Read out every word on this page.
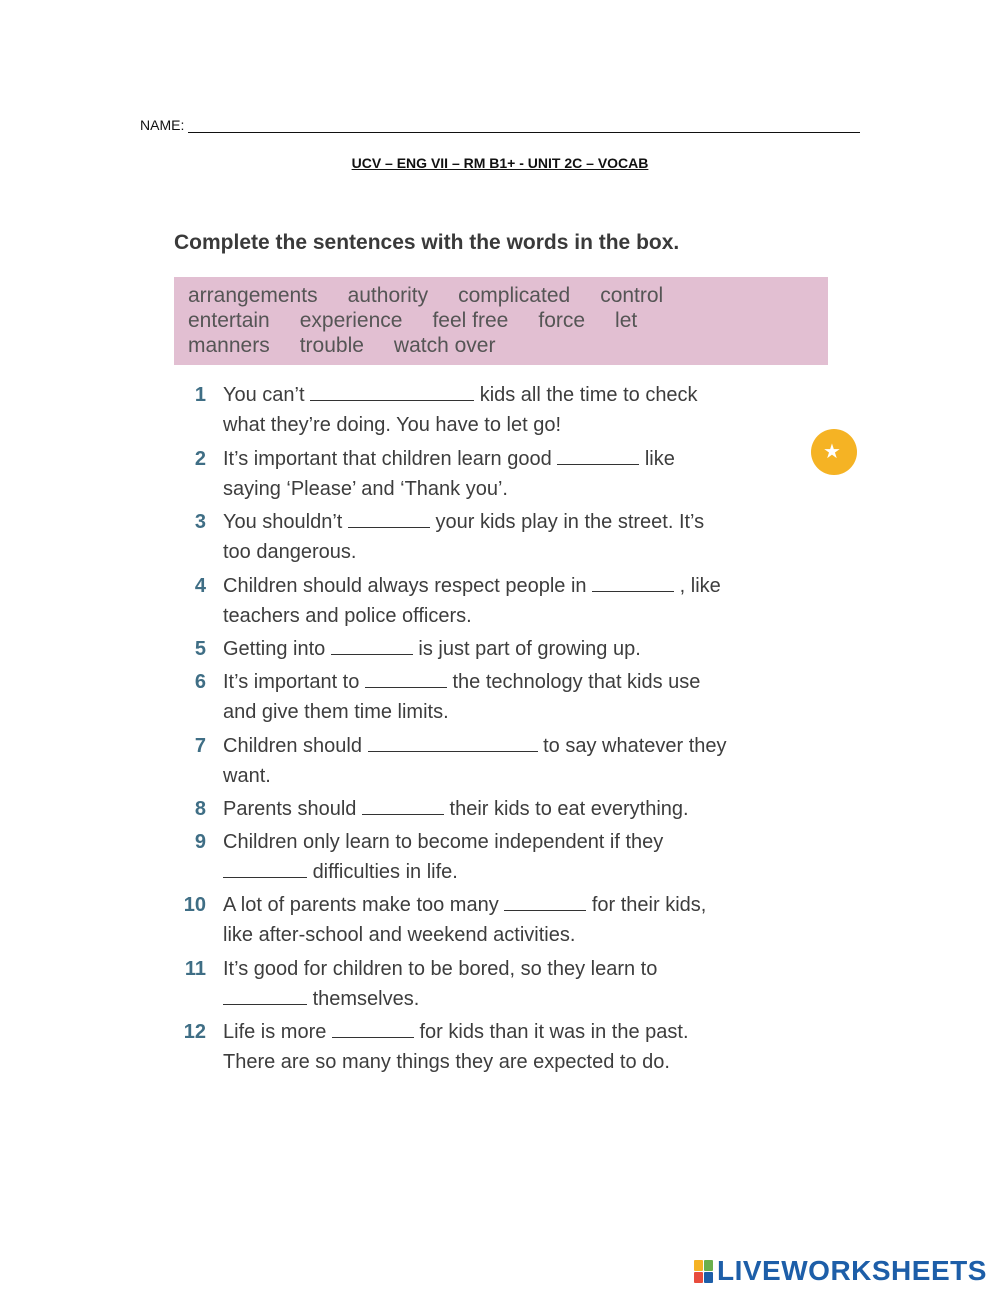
NAME:
UCV – ENG VII – RM B1+ - UNIT 2C – VOCAB
Complete the sentences with the words in the box.
arrangements authority complicated control
entertain experience feel free force let
manners trouble watch over
1 You can’t	kids all the time to check
what they’re doing. You have to let go!
2 It’s important that children learn good	like
saying ‘Please’ and ‘Thank you’.
3 You shouldn’t	your kids play in the street. It’s
too dangerous.
4 Children should always respect people in	, like
teachers and police officers.
5 Getting into	is just part of growing up.
6 It’s important to	the technology that kids use
and give them time limits.
7 Children should	to say whatever they
want.
8 Parents should	their kids to eat everything.
9 Children only learn to become independent if they
difficulties in life.
10 A lot of parents make too many	for their kids,
like after-school and weekend activities.
11 It’s good for children to be bored, so they learn to
themselves.
12 Life is more	for kids than it was in the past.
There are so many things they are expected to do.
★
LIVEWORKSHEETS
